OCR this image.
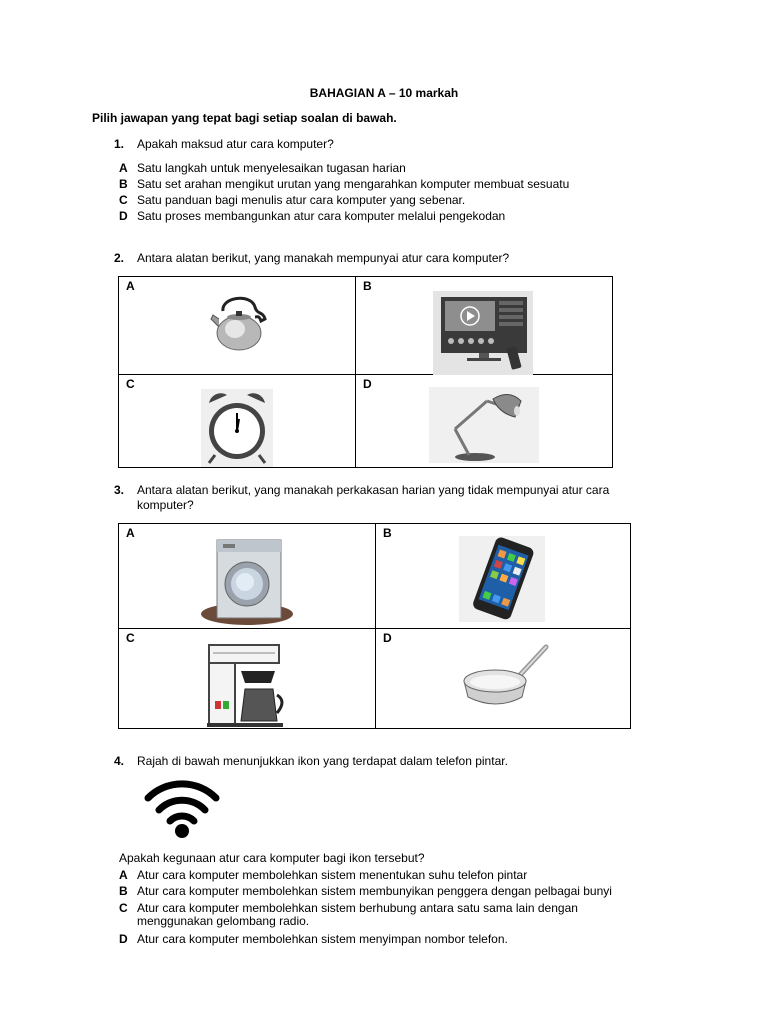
BAHAGIAN A – 10 markah
Pilih jawapan yang tepat bagi setiap soalan di bawah.
1. Apakah maksud atur cara komputer?
A Satu langkah untuk menyelesaikan tugasan harian
B Satu set arahan mengikut urutan yang mengarahkan komputer membuat sesuatu
C Satu panduan bagi menulis atur cara komputer yang sebenar.
D Satu proses membangunkan atur cara komputer melalui pengekodan
2. Antara alatan berikut, yang manakah mempunyai atur cara komputer?
A	B
C	D
3. Antara alatan berikut, yang manakah perkakasan harian yang tidak mempunyai atur cara
komputer?
A	B
C	D
4. Rajah di bawah menunjukkan ikon yang terdapat dalam telefon pintar.
Apakah kegunaan atur cara komputer bagi ikon tersebut?
A Atur cara komputer membolehkan sistem menentukan suhu telefon pintar
B Atur cara komputer membolehkan sistem membunyikan penggera dengan pelbagai bunyi
C Atur cara komputer membolehkan sistem berhubung antara satu sama lain dengan
menggunakan gelombang radio.
D Atur cara komputer membolehkan sistem menyimpan nombor telefon.
